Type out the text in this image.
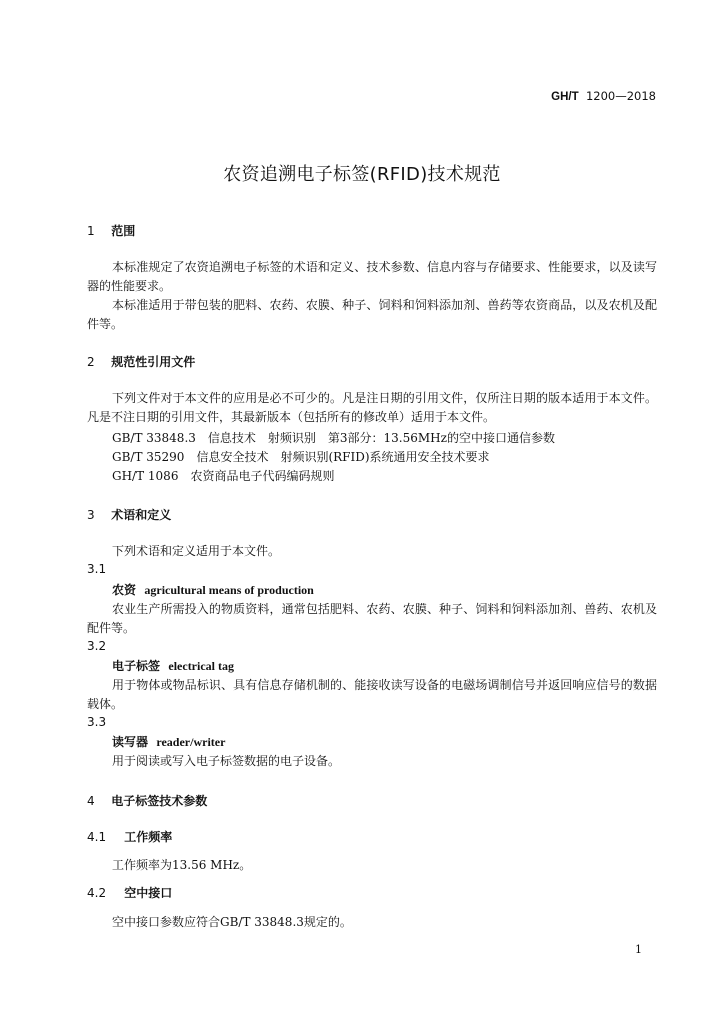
GH/T 1200—2018
农资追溯电子标签(RFID)技术规范
1 范围
本标准规定了农资追溯电子标签的术语和定义、技术参数、信息内容与存储要求、性能要求，以及读写器的性能要求。
本标准适用于带包装的肥料、农药、农膜、种子、饲料和饲料添加剂、兽药等农资商品，以及农机及配件等。
2 规范性引用文件
下列文件对于本文件的应用是必不可少的。凡是注日期的引用文件，仅所注日期的版本适用于本文件。凡是不注日期的引用文件，其最新版本（包括所有的修改单）适用于本文件。
GB/T 33848.3　信息技术　射频识别　第3部分：13.56MHz的空中接口通信参数
GB/T 35290　信息安全技术　射频识别(RFID)系统通用安全技术要求
GH/T 1086　农资商品电子代码编码规则
3 术语和定义
下列术语和定义适用于本文件。
3.1
农资 agricultural means of production
农业生产所需投入的物质资料，通常包括肥料、农药、农膜、种子、饲料和饲料添加剂、兽药、农机及配件等。
3.2
电子标签 electrical tag
用于物体或物品标识、具有信息存储机制的、能接收读写设备的电磁场调制信号并返回响应信号的数据载体。
3.3
读写器 reader/writer
用于阅读或写入电子标签数据的电子设备。
4 电子标签技术参数
4.1 工作频率
工作频率为13.56 MHz。
4.2 空中接口
空中接口参数应符合GB/T 33848.3规定的。
1
